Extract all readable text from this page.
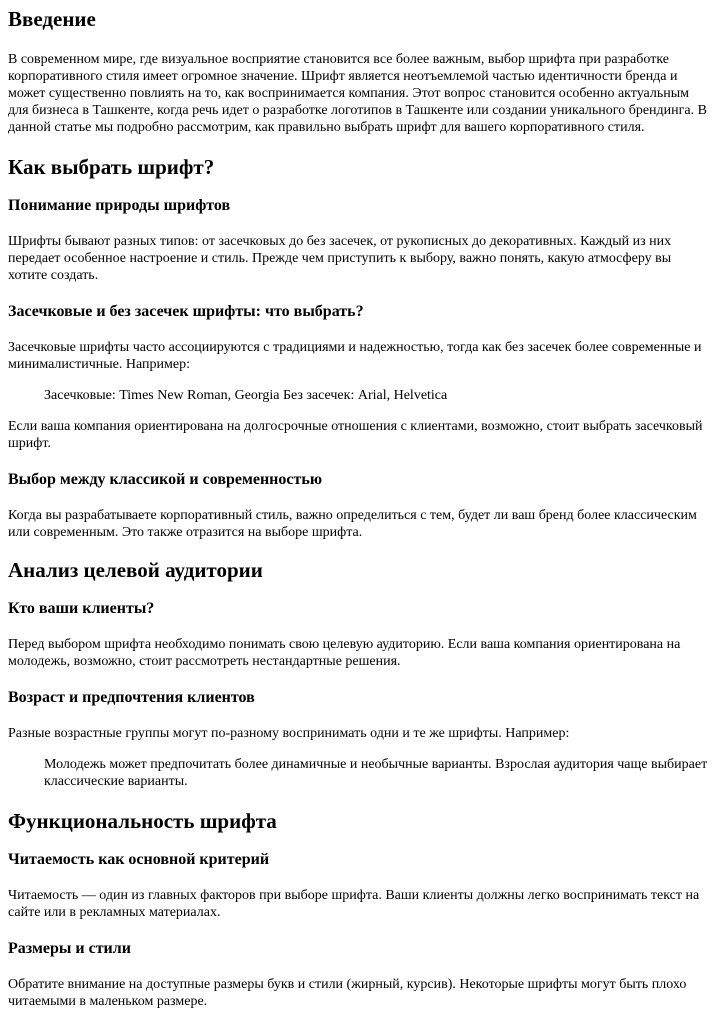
Введение

В современном мире, где визуальное восприятие становится все более важным, выбор шрифта при разработке корпоративного стиля имеет огромное значение. Шрифт является неотъемлемой частью идентичности бренда и может существенно повлиять на то, как воспринимается компания. Этот вопрос становится особенно актуальным для бизнеса в Ташкенте, когда речь идет о разработке логотипов в Ташкенте или создании уникального брендинга. В данной статье мы подробно рассмотрим, как правильно выбрать шрифт для вашего корпоративного стиля.

Как выбрать шрифт?
Понимание природы шрифтов

Шрифты бывают разных типов: от засечковых до без засечек, от рукописных до декоративных. Каждый из них передает особенное настроение и стиль. Прежде чем приступить к выбору, важно понять, какую атмосферу вы хотите создать.

Засечковые и без засечек шрифты: что выбрать?

Засечковые шрифты часто ассоциируются с традициями и надежностью, тогда как без засечек более современные и минималистичные. Например:

Засечковые: Times New Roman, Georgia Без засечек: Arial, Helvetica

Если ваша компания ориентирована на долгосрочные отношения с клиентами, возможно, стоит выбрать засечковый шрифт.

Выбор между классикой и современностью

Когда вы разрабатываете корпоративный стиль, важно определиться с тем, будет ли ваш бренд более классическим или современным. Это также отразится на выборе шрифта.

Анализ целевой аудитории
Кто ваши клиенты?

Перед выбором шрифта необходимо понимать свою целевую аудиторию. Если ваша компания ориентирована на молодежь, возможно, стоит рассмотреть нестандартные решения.

Возраст и предпочтения клиентов

Разные возрастные группы могут по-разному воспринимать одни и те же шрифты. Например:

Молодежь может предпочитать более динамичные и необычные варианты. Взрослая аудитория чаще выбирает классические варианты.
Функциональность шрифта
Читаемость как основной критерий

Читаемость — один из главных факторов при выборе шрифта. Ваши клиенты должны легко воспринимать текст на сайте или в рекламных материалах.

Размеры и стили

Обратите внимание на доступные размеры букв и стили (жирный, курсив). Некоторые шрифты могут быть плохо читаемыми в маленьком размере.
